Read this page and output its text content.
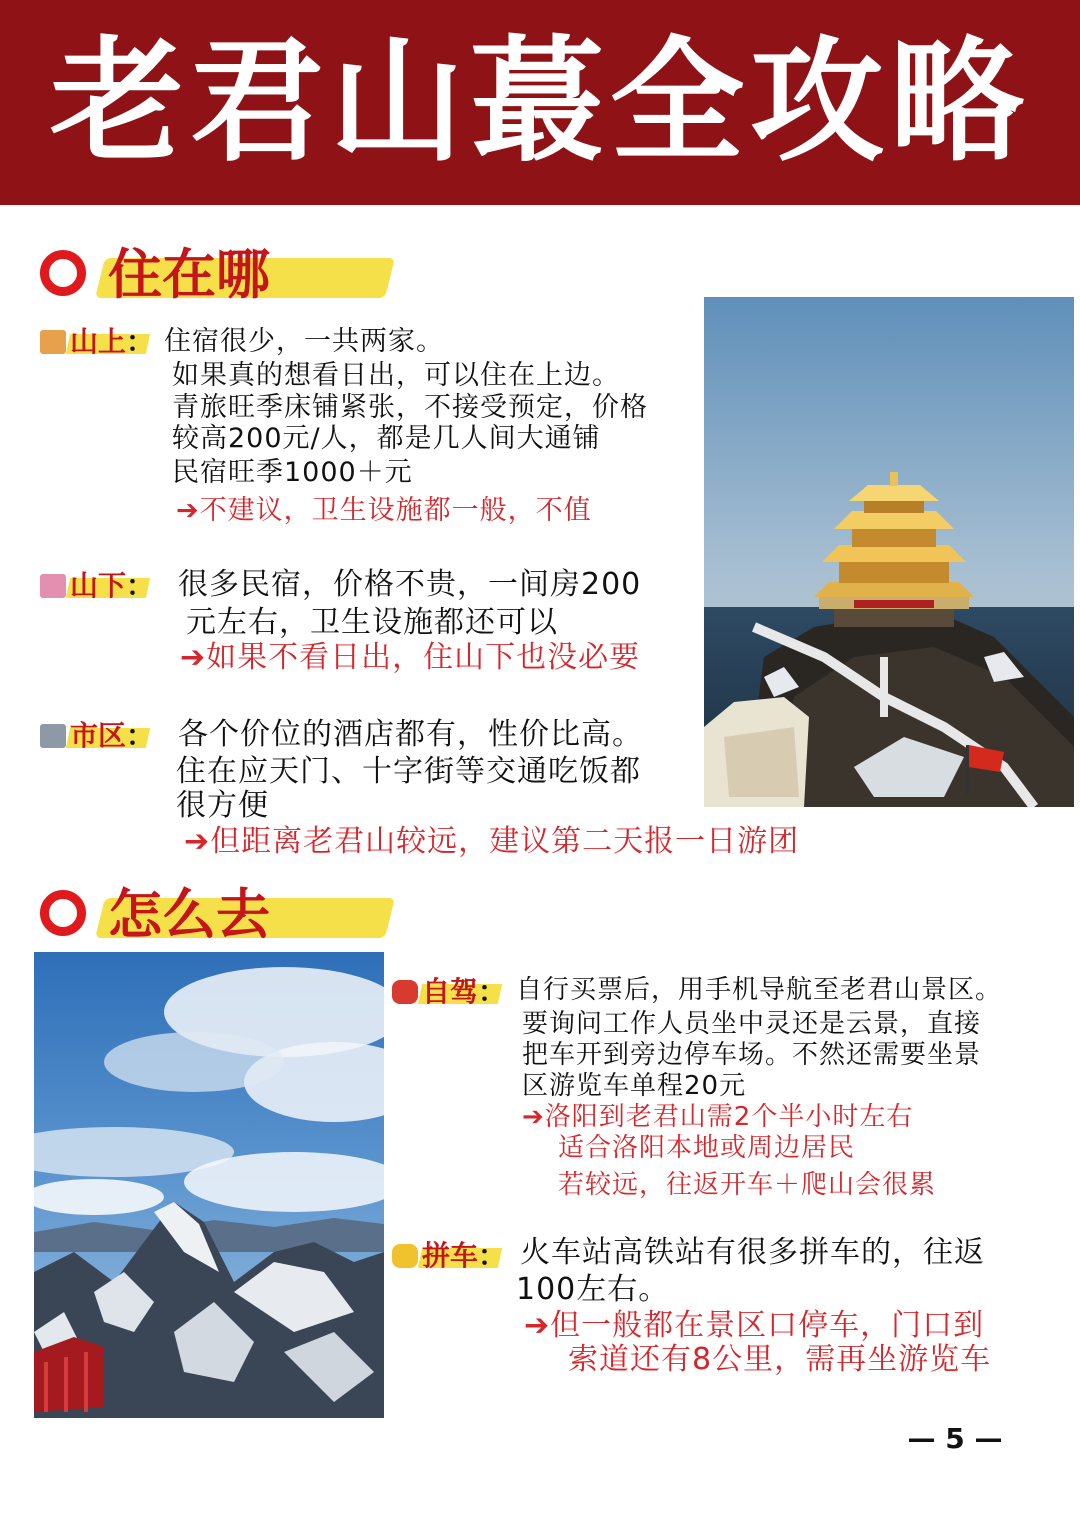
老君山蕞全攻略
住在哪
山上： 住宿很少，一共两家。
如果真的想看日出，可以住在上边。
青旅旺季床铺紧张，不接受预定，价格
较高200元/人，都是几人间大通铺
民宿旺季1000＋元
➔不建议，卫生设施都一般，不值
山下： 很多民宿，价格不贵，一间房200
元左右，卫生设施都还可以
➔如果不看日出，住山下也没必要
市区： 各个价位的酒店都有，性价比高。
住在应天门、十字街等交通吃饭都
很方便
➔但距离老君山较远，建议第二天报一日游团
怎么去
自驾： 自行买票后，用手机导航至老君山景区。
要询问工作人员坐中灵还是云景，直接
把车开到旁边停车场。不然还需要坐景
区游览车单程20元
➔洛阳到老君山需2个半小时左右
适合洛阳本地或周边居民
若较远，往返开车＋爬山会很累
拼车： 火车站高铁站有很多拼车的，往返
100左右。
➔但一般都在景区口停车，门口到
索道还有8公里，需再坐游览车
— 5 —
